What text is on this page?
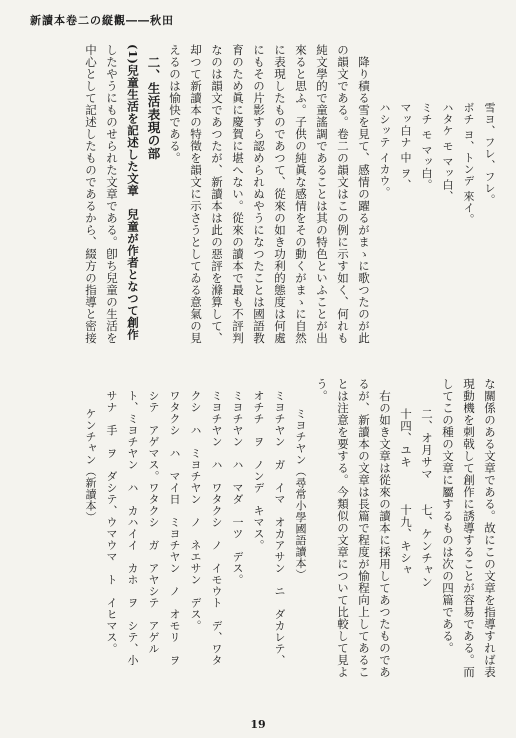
新讀本卷二の縦觀――秋田
雪ヨ、フレ、フレ。
ボチ ヨ、トンデ 來イ。
ハタケ モ マッ白、
ミチ モ マッ白。
マッ白ナ 中 ヲ、
ハシッテ イカウ。
降り積る雪を見て、感情の躍るがまゝに歌つたのが此
の韻文である。卷二の韻文はこの例に示す如く、何れも
純文學的で童謠調であることは其の特色といふことが出
來ると思ふ。子供の純眞な感情をその動くがまゝに自然
に表現したものであつて、從來の如き功利的態度は何處
にもその片影すら認められぬやうになつたことは國語教
育のため眞に慶賀に堪へない。從來の讀本で最も不評判
なのは韻文であつたが、新讀本は此の惡評を滌算して、
却つて新讀本の特徵を韻文に示さうとしてゐる意氣の見
えるのは愉快である。
二、生活表現の部
(1)兒童生活を記述した文章　兒童が作者となつて創作
したやうにものせられた文章である。卽ち兒童の生活を
中心として記述したものであるから、綴方の指導と密接
な關係のある文章である。故にこの文章を指導すれば表
現動機を刺戟して創作に誘導することが容易である。而
してこの種の文章に屬するものは次の四篇である。
二、オ月サマ　　七、ケンチャン
十四、ユキ　　　十九、キシャ
右の如き文章は從來の讀本に採用してあつたものであ
るが、新讀本の文章は長篇で程度が愉程向上してあるこ
とは注意を要する。今類似の文章について比較して見よ
う。
ミヨチヤン（尋常小學國語讀本）
ミヨチヤン　ガ　イマ　オカアサン　ニ　ダカレテ、
オチチ　ヲ　ノンデ　キマス。
ミヨチヤン　ハ　マダ　一ツ　デス。
ミヨチヤン　ハ　ワタクシ　ノ　イモウト　デ、ワタ
クシ　ハ　ミヨチヤン　ノ　ネエサン　デス。
ワタクシ　ハ　マイ日　ミヨチヤン　ノ　オモリ　ヲ
シテ　アゲマス。ワタクシ　ガ　アヤシテ　アゲル
ト、ミヨチヤン　ハ　カハイイ　カホ　ヲ　シテ、小
サナ　手　ヲ　ダシテ、ウマウマ　ト　イヒマス。
ケンチャン（新讀本）
19
